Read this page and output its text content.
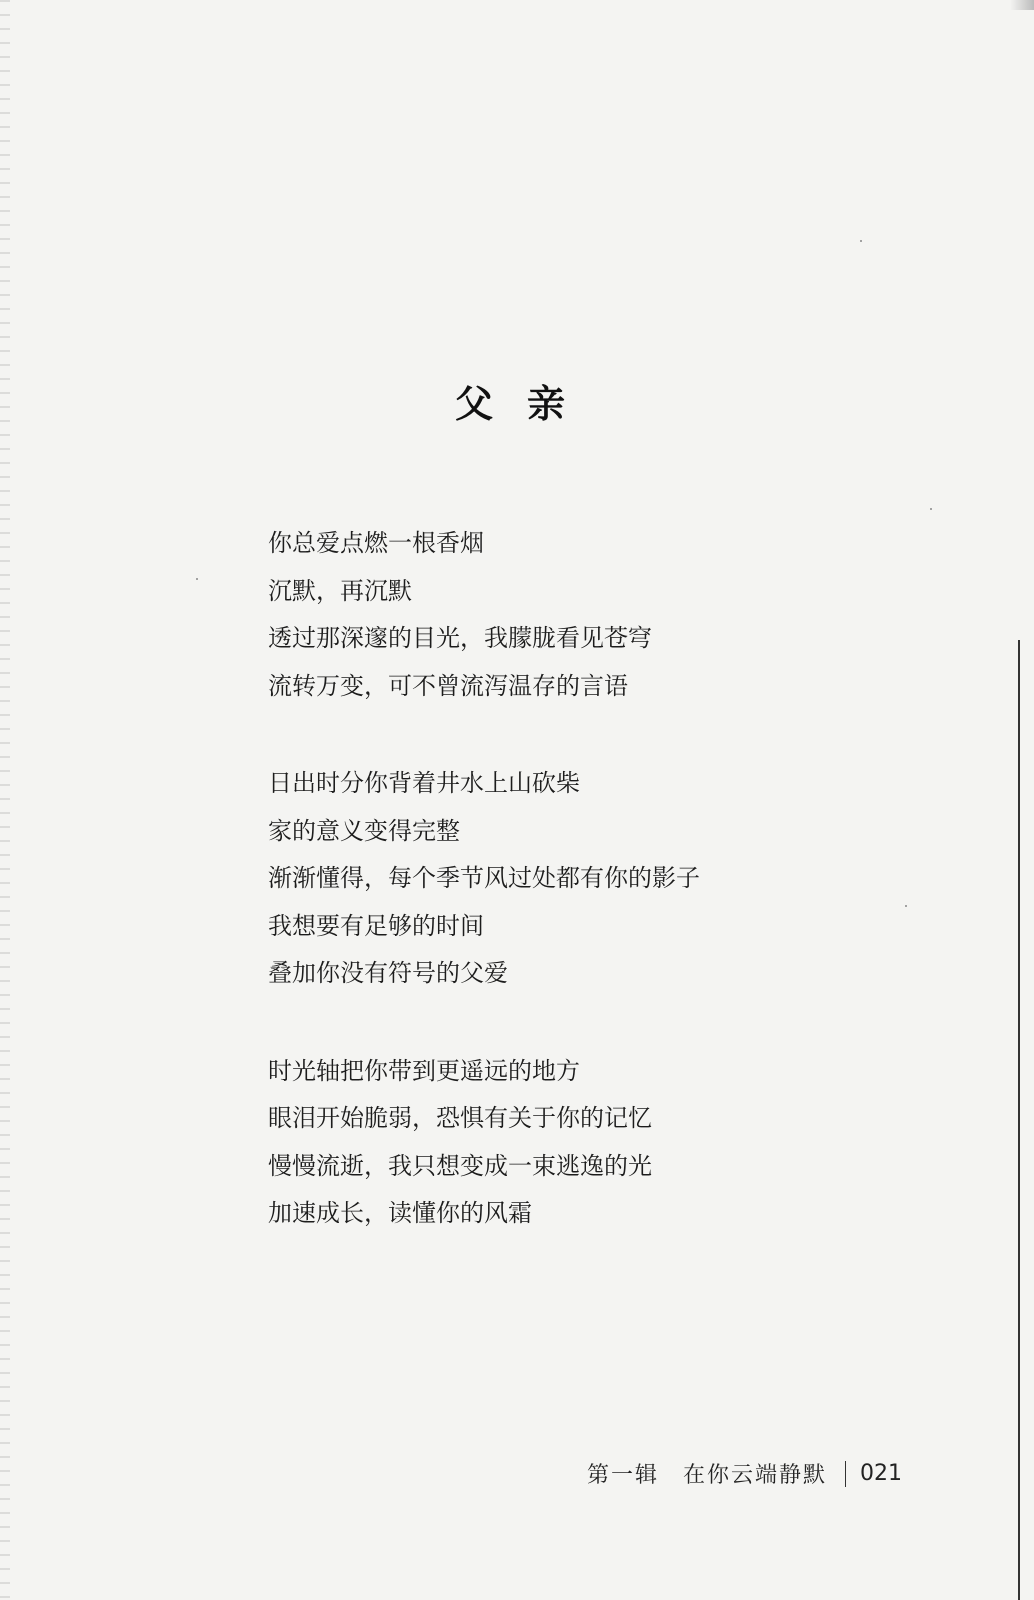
父亲
你总爱点燃一根香烟
沉默，再沉默
透过那深邃的目光，我朦胧看见苍穹
流转万变，可不曾流泻温存的言语
日出时分你背着井水上山砍柴
家的意义变得完整
渐渐懂得，每个季节风过处都有你的影子
我想要有足够的时间
叠加你没有符号的父爱
时光轴把你带到更遥远的地方
眼泪开始脆弱，恐惧有关于你的记忆
慢慢流逝，我只想变成一束逃逸的光
加速成长，读懂你的风霜
第一辑 在你云端静默 021
